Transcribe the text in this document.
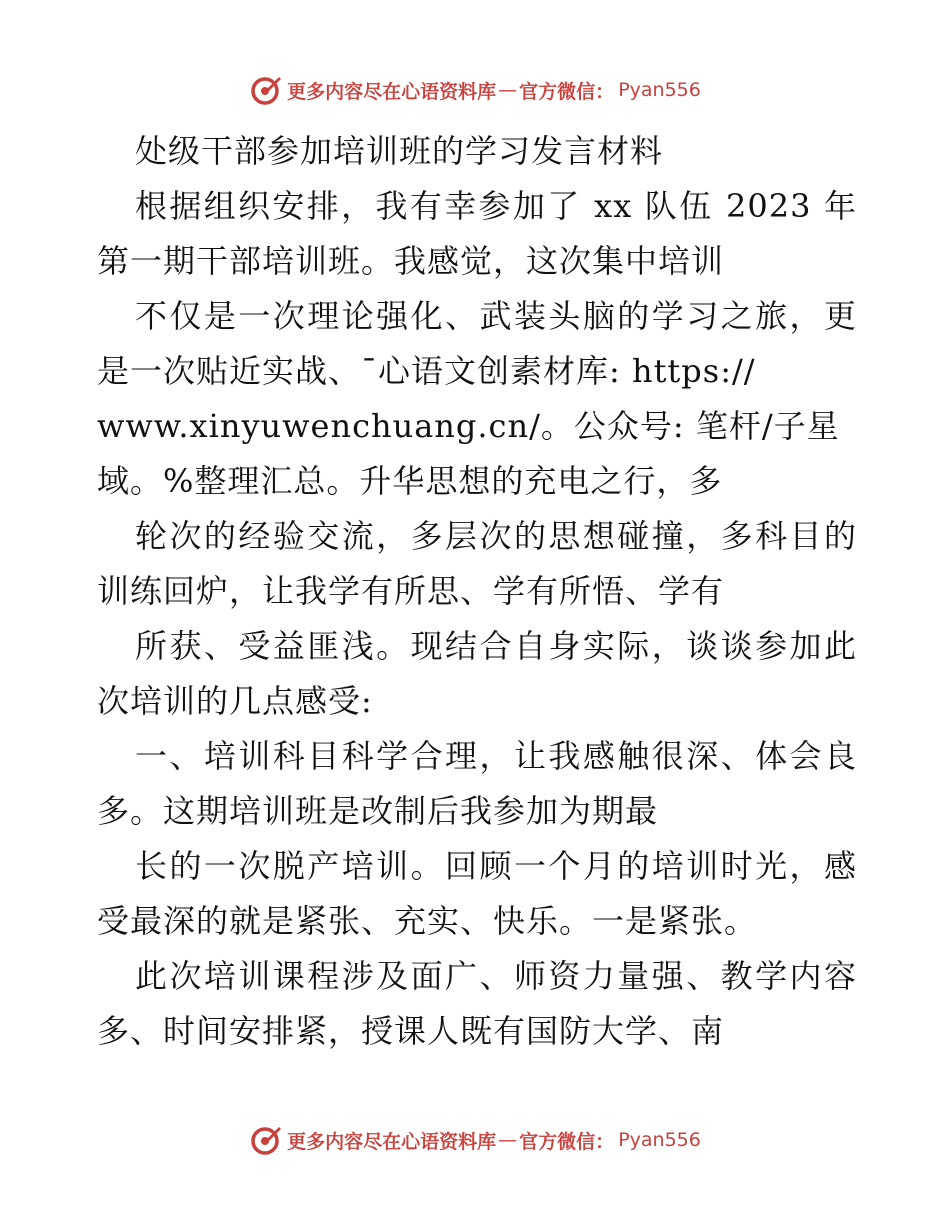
更多内容尽在心语资料库 — 官方微信： Pyan556
处级干部参加培训班的学习发言材料
根据组织安排，我有幸参加了 xx 队伍 2023 年
第一期干部培训班。我感觉，这次集中培训
不仅是一次理论强化、武装头脑的学习之旅，更
是一次贴近实战、¯心语文创素材库: https://
www.xinyuwenchuang.cn/。公众号: 笔杆/子星
域。%整理汇总。升华思想的充电之行，多
轮次的经验交流，多层次的思想碰撞，多科目的
训练回炉，让我学有所思、学有所悟、学有
所获、受益匪浅。现结合自身实际，谈谈参加此
次培训的几点感受:
一、培训科目科学合理，让我感触很深、体会良
多。这期培训班是改制后我参加为期最
长的一次脱产培训。回顾一个月的培训时光，感
受最深的就是紧张、充实、快乐。一是紧张。
此次培训课程涉及面广、师资力量强、教学内容
多、时间安排紧，授课人既有国防大学、南
更多内容尽在心语资料库 — 官方微信： Pyan556
